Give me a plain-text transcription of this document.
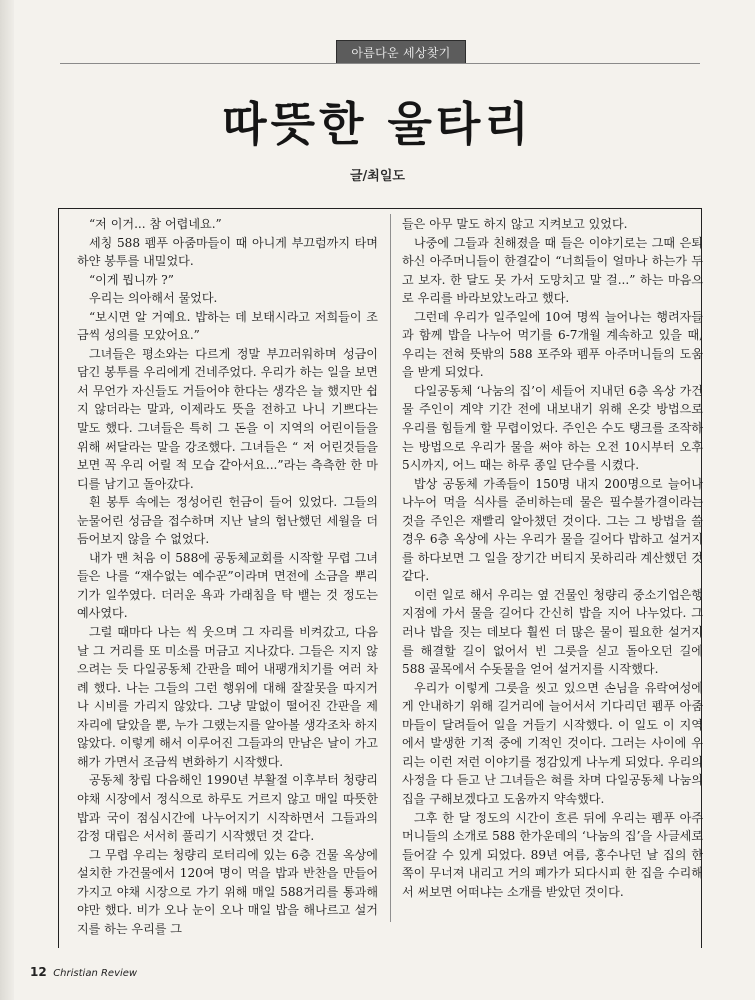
아름다운 세상찾기
따뜻한 울타리
글/최일도

“저 이거... 참 어렵네요.”

세칭 588 펨푸 아줌마들이 때 아니게 부끄럼까지 타며 하얀 봉투를 내밀었다.

“이게 뭡니까 ?”

우리는 의아해서 물었다.

“보시면 알 거예요. 밥하는 데 보태시라고 저희들이 조금씩 성의를 모았어요.”

그녀들은 평소와는 다르게 정말 부끄러워하며 성금이 담긴 봉투를 우리에게 건네주었다. 우리가 하는 일을 보면서 무언가 자신들도 거들어야 한다는 생각은 늘 했지만 쉽지 않더라는 말과, 이제라도 뜻을 전하고 나니 기쁘다는 말도 했다. 그녀들은 특히 그 돈을 이 지역의 어린이들을 위해 써달라는 말을 강조했다. 그녀들은 “ 저 어린것들을 보면 꼭 우리 어릴 적 모습 같아서요...”라는 측측한 한 마디를 남기고 돌아갔다.

흰 봉투 속에는 정성어린 헌금이 들어 있었다. 그들의 눈물어린 성금을 접수하며 지난 날의 험난했던 세월을 더듬어보지 않을 수 없었다.

내가 맨 처음 이 588에 공동체교회를 시작할 무렵 그녀들은 나를 “재수없는 예수꾼”이라며 면전에 소금을 뿌리기가 일쑤였다. 더러운 욕과 가래침을 탁 뱉는 것 정도는 예사였다.

그럴 때마다 나는 씩 웃으며 그 자리를 비켜갔고, 다음날 그 거리를 또 미소를 머금고 지나갔다. 그들은 지지 않으려는 듯 다일공동체 간판을 떼어 내팽개치기를 여러 차례 했다. 나는 그들의 그런 행위에 대해 잘잘못을 따지거나 시비를 가리지 않았다. 그냥 말없이 떨어진 간판을 제자리에 달았을 뿐, 누가 그랬는지를 알아볼 생각조차 하지 않았다. 이렇게 해서 이루어진 그들과의 만남은 날이 가고 해가 가면서 조금씩 변화하기 시작했다.

공동체 창립 다음해인 1990년 부활절 이후부터 청량리 야채 시장에서 정식으로 하루도 거르지 않고 매일 따뜻한 밥과 국이 점심시간에 나누어지기 시작하면서 그들과의 감정 대립은 서서히 풀리기 시작했던 것 같다.

그 무렵 우리는 청량리 로터리에 있는 6층 건물 옥상에 설치한 가건물에서 120여 명이 먹을 밥과 반찬을 만들어 가지고 야채 시장으로 가기 위해 매일 588거리를 통과해야만 했다. 비가 오나 눈이 오나 매일 밥을 해나르고 설거지를 하는 우리를 그

들은 아무 말도 하지 않고 지켜보고 있었다.

나중에 그들과 친해졌을 때 들은 이야기로는 그때 은퇴하신 아주머니들이 한결같이 “너희들이 얼마나 하는가 두고 보자. 한 달도 못 가서 도망치고 말 걸...” 하는 마음으로 우리를 바라보았노라고 했다.

그런데 우리가 일주일에 10여 명씩 늘어나는 행려자들과 함께 밥을 나누어 먹기를 6-7개월 계속하고 있을 때, 우리는 전혀 뜻밖의 588 포주와 펨푸 아주머니들의 도움을 받게 되었다.

다일공동체 ‘나눔의 집’이 세들어 지내던 6층 옥상 가건물 주인이 계약 기간 전에 내보내기 위해 온갖 방법으로 우리를 힘들게 할 무렵이었다. 주인은 수도 탱크를 조작하는 방법으로 우리가 물을 써야 하는 오전 10시부터 오후 5시까지, 어느 때는 하루 종일 단수를 시켰다.

밥상 공동체 가족들이 150명 내지 200명으로 늘어나 나누어 먹을 식사를 준비하는데 물은 필수불가결이라는 것을 주인은 재빨리 알아챘던 것이다. 그는 그 방법을 쓸 경우 6층 옥상에 사는 우리가 물을 길어다 밥하고 설거지를 하다보면 그 일을 장기간 버티지 못하리라 계산했던 것 같다.

이런 일로 해서 우리는 옆 건물인 청량리 중소기업은행 지점에 가서 물을 길어다 간신히 밥을 지어 나누었다. 그러나 밥을 짓는 데보다 훨씬 더 많은 물이 필요한 설거지를 해결할 길이 없어서 빈 그릇을 싣고 돌아오던 길에 588 골목에서 수돗물을 얻어 설거지를 시작했다.

우리가 이렇게 그릇을 씻고 있으면 손님을 유락여성에게 안내하기 위해 길거리에 늘어서서 기다리던 펨푸 아줌마들이 달려들어 일을 거들기 시작했다. 이 일도 이 지역에서 발생한 기적 중에 기적인 것이다. 그러는 사이에 우리는 이런 저런 이야기를 정감있게 나누게 되었다. 우리의 사정을 다 듣고 난 그녀들은 혀를 차며 다일공동체 나눔의 집을 구해보겠다고 도움까지 약속했다.

그후 한 달 정도의 시간이 흐른 뒤에 우리는 펨푸 아주머니들의 소개로 588 한가운데의 ‘나눔의 집’을 사글세로 들어갈 수 있게 되었다. 89년 여름, 홍수나던 날 집의 한쪽이 무너져 내리고 거의 폐가가 되다시피 한 집을 수리해서 써보면 어떠냐는 소개를 받았던 것이다.

12 Christian Review
